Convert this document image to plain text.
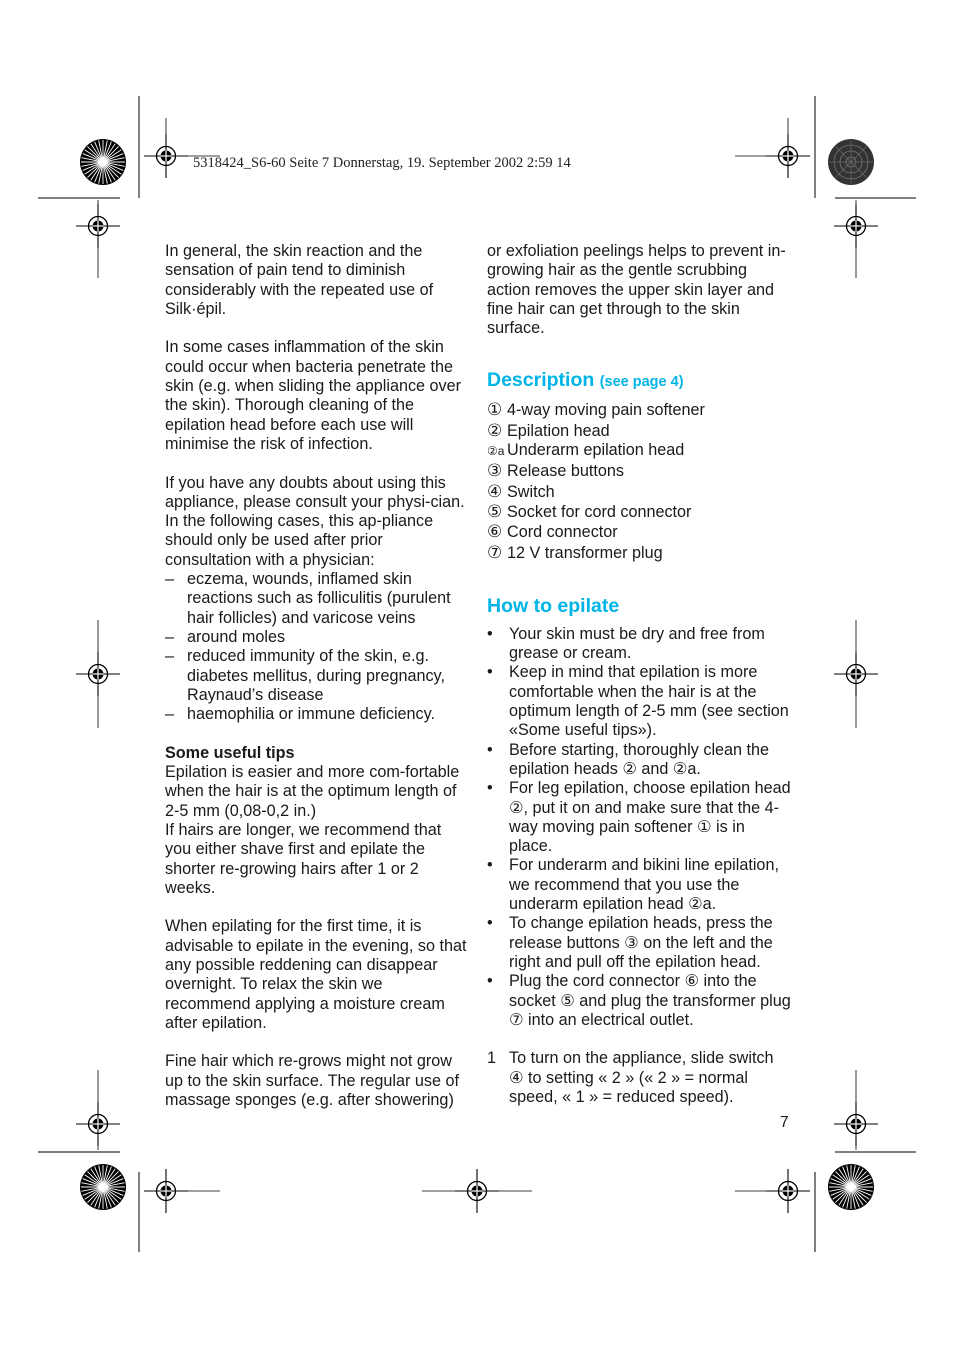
5318424_S6-60 Seite 7 Donnerstag, 19. September 2002 2:59 14

In general, the skin reaction and the sensation of pain tend to diminish considerably with the repeated use of Silk·épil.

In some cases inflammation of the skin could occur when bacteria penetrate the skin (e.g. when sliding the appliance over the skin). Thorough cleaning of the epilation head before each use will minimise the risk of infection.

If you have any doubts about using this appliance, please consult your physi-cian. In the following cases, this ap-pliance should only be used after prior consultation with a physician:

– eczema, wounds, inflamed skin reactions such as folliculitis (purulent hair follicles) and varicose veins
– around moles
– reduced immunity of the skin, e.g. diabetes mellitus, during pregnancy, Raynaud’s disease
– haemophilia or immune deficiency.

Some useful tips

Epilation is easier and more com-fortable when the hair is at the optimum length of 2-5 mm (0,08-0,2 in.)

If hairs are longer, we recommend that you either shave first and epilate the shorter re-growing hairs after 1 or 2 weeks.

When epilating for the first time, it is advisable to epilate in the evening, so that any possible reddening can disappear overnight. To relax the skin we recommend applying a moisture cream after epilation.

Fine hair which re-grows might not grow up to the skin surface. The regular use of massage sponges (e.g. after showering)

or exfoliation peelings helps to prevent in-growing hair as the gentle scrubbing action removes the upper skin layer and fine hair can get through to the skin surface.

Description (see page 4)

① 4-way moving pain softener
② Epilation head
②a Underarm epilation head
③ Release buttons
④ Switch
⑤ Socket for cord connector
⑥ Cord connector
⑦ 12 V transformer plug

How to epilate

• Your skin must be dry and free from grease or cream.
• Keep in mind that epilation is more comfortable when the hair is at the optimum length of 2-5 mm (see section «Some useful tips»).
• Before starting, thoroughly clean the epilation heads ② and ②a.
• For leg epilation, choose epilation head ②, put it on and make sure that the 4-way moving pain softener ① is in place.
• For underarm and bikini line epilation, we recommend that you use the underarm epilation head ②a.
• To change epilation heads, press the release buttons ③ on the left and the right and pull off the epilation head.
• Plug the cord connector ⑥ into the socket ⑤ and plug the transformer plug ⑦ into an electrical outlet.
1 To turn on the appliance, slide switch ④ to setting « 2 » (« 2 » = normal speed, « 1 » = reduced speed).
7
